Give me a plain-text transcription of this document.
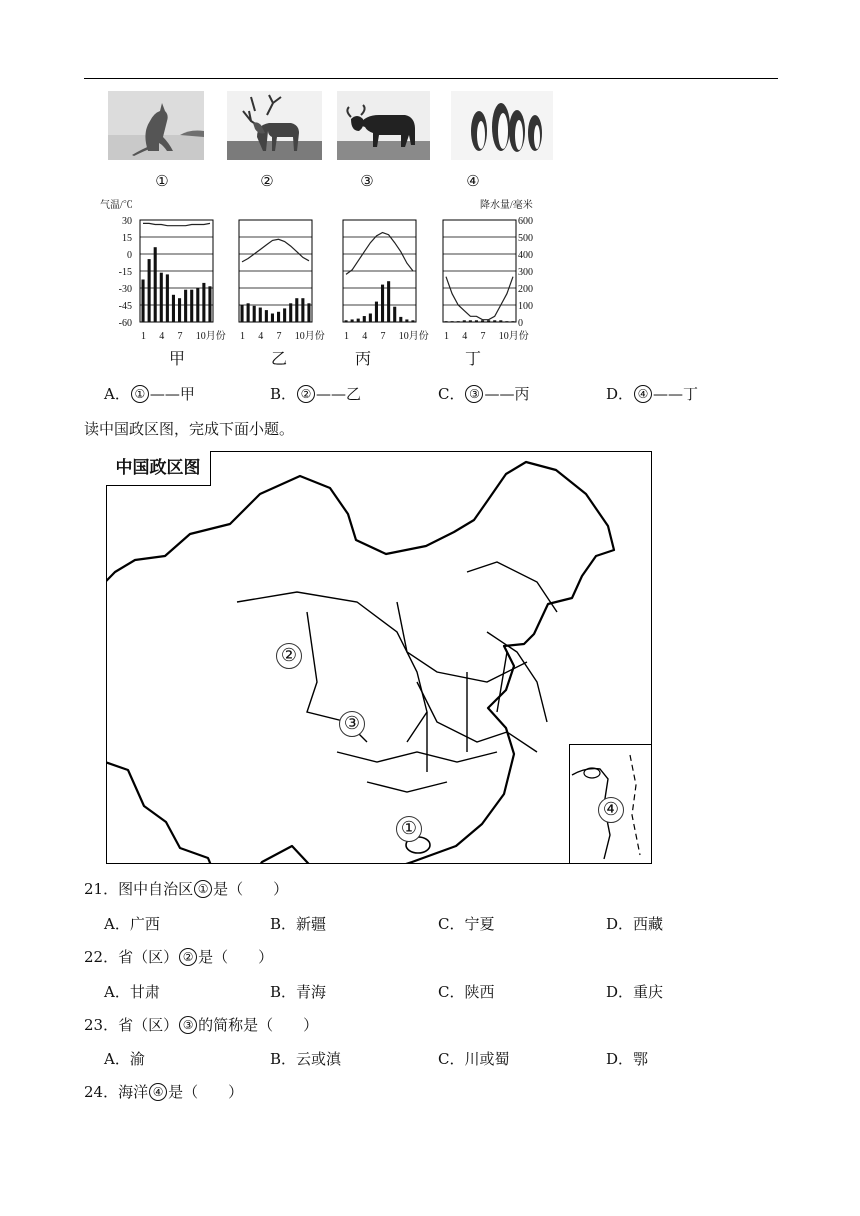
①	②	③	④
气温/℃	降水量/毫米
30
15
0
-15
-30
-45
-60
600
500
400
300
200
100
0
1 4 7 10月份 1 4 7 10月份 1 4 7 10月份 1 4 7 10月份
甲	乙	丙	丁
A． ① ——甲	B． ② ——乙	C． ③ ——丙	D． ④ ——丁
读中国政区图，完成下面小题。
中国政区图
②
③
①
④
21．图中自治区 ① 是（　　）
A．广西	B．新疆	C．宁夏	D．西藏
22．省（区） ② 是（　　）
A．甘肃	B．青海	C．陕西	D．重庆
23．省（区） ③ 的简称是（　　）
A．渝	B．云或滇	C．川或蜀	D．鄂
24．海洋 ④ 是（　　）
